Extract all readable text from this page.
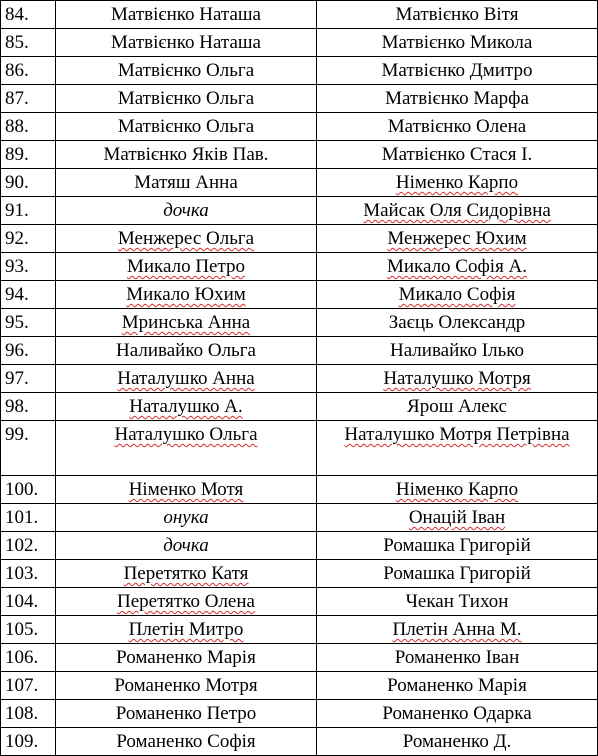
84.	Матвієнко Наташа	Матвієнко Вітя
85.	Матвієнко Наташа	Матвієнко Микола
86.	Матвієнко Ольга	Матвієнко Дмитро
87.	Матвієнко Ольга	Матвієнко Марфа
88.	Матвієнко Ольга	Матвієнко Олена
89.	Матвієнко Яків Пав.	Матвієнко Стася І.
90.	Матяш Анна	Німенко Карпо
91.	дочка	Майсак Оля Сидорівна
92.	Менжерес Ольга	Менжерес Юхим
93.	Микало Петро	Микало Софія А.
94.	Микало Юхим	Микало Софія
95.	Мринська Анна	Заєць Олександр
96.	Наливайко Ольга	Наливайко Ілько
97.	Наталушко Анна	Наталушко Мотря
98.	Наталушко А.	Ярош Алекс
99.	Наталушко Ольга	Наталушко Мотря Петрівна
100.	Німенко Мотя	Німенко Карпо
101.	онука	Онацій Іван
102.	дочка	Ромашка Григорій
103.	Перетятко Катя	Ромашка Григорій
104.	Перетятко Олена	Чекан Тихон
105.	Плетін Митро	Плетін Анна М.
106.	Романенко Марія	Романенко Іван
107.	Романенко Мотря	Романенко Марія
108.	Романенко Петро	Романенко Одарка
109.	Романенко Софія	Романенко Д.
